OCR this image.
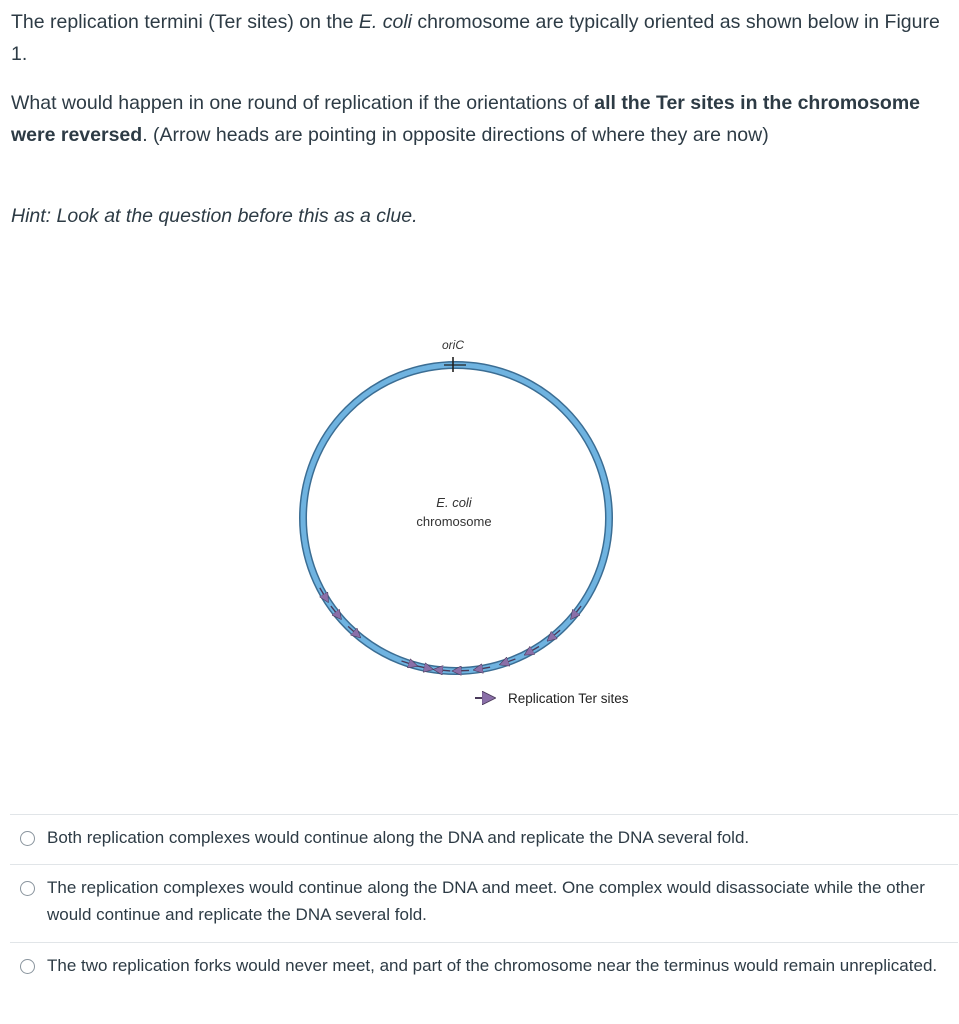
The replication termini (Ter sites) on the E. coli chromosome are typically oriented as shown below in Figure 1.
What would happen in one round of replication if the orientations of all the Ter sites in the chromosome were reversed. (Arrow heads are pointing in opposite directions of where they are now)
Hint: Look at the question before this as a clue.
oriC
E. coli
chromosome
Replication Ter sites
Both replication complexes would continue along the DNA and replicate the DNA several fold.
The replication complexes would continue along the DNA and meet. One complex would disassociate while the other would continue and replicate the DNA several fold.
The two replication forks would never meet, and part of the chromosome near the terminus would remain unreplicated.
